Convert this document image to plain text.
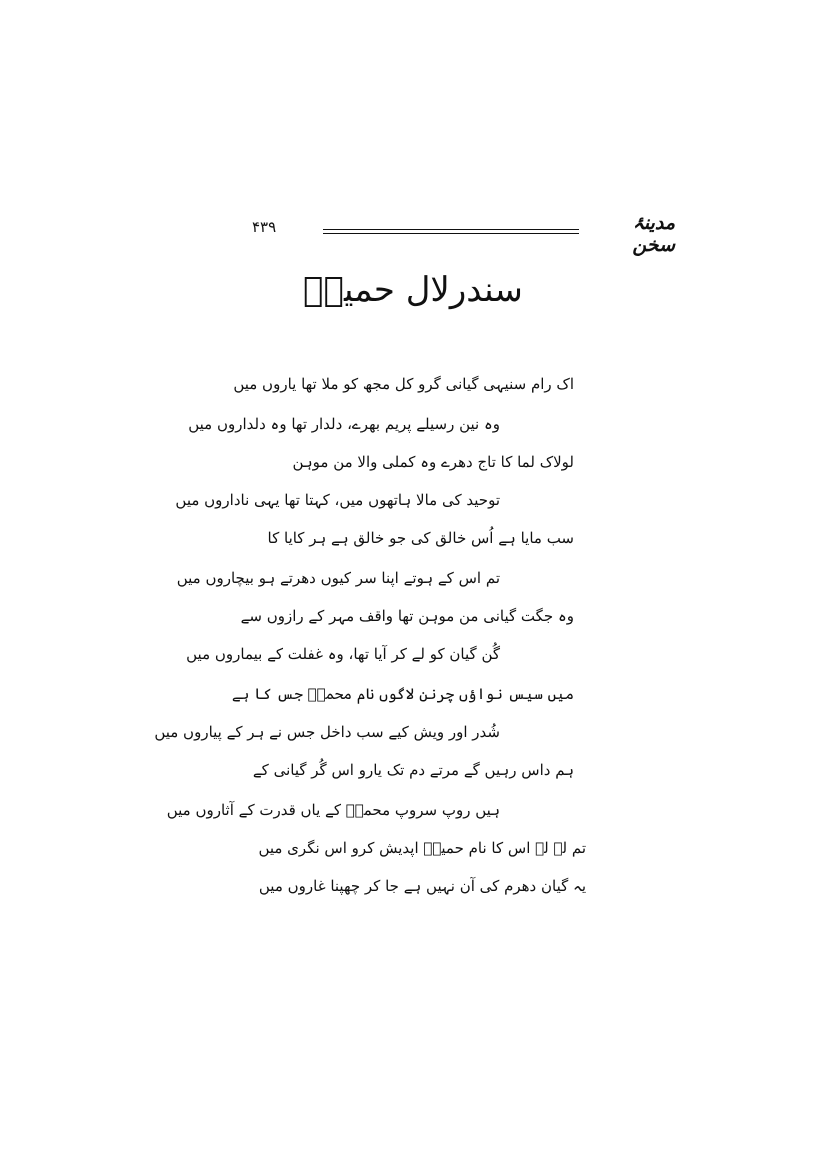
۴۳۹	مدینۂ سخن
سندرلال حمیدؔ
اک رام سنیہی گیانی گرو کل مجھ کو ملا تھا یاروں میں
وہ نین رسیلے پریم بھرے، دلدار تھا وہ دلداروں میں
لولاک لما کا تاج دھرے وہ کملی والا من موہن
توحید کی مالا ہاتھوں میں، کہتا تھا یہی ناداروں میں
سب مایا ہے اُس خالق کی جو خالق ہے ہر کایا کا
تم اس کے ہوتے اپنا سر کیوں دھرتے ہو بیچاروں میں
وہ جگت گیانی من موہن تھا واقف مہر کے رازوں سے
گُن گیان کو لے کر آیا تھا، وہ غفلت کے بیماروں میں
میں سیس نواؤں چرنن لاگوں نام محمدؐ جس کا ہے
شُدر اور ویش کیے سب داخل جس نے ہر کے پیاروں میں
ہم داس رہیں گے مرتے دم تک یارو اس گُر گیانی کے
ہیں روپ سروپ محمدؐ کے یاں قدرت کے آثاروں میں
تم لے لے اس کا نام حمیدؔ اپدیش کرو اس نگری میں
یہ گیان دھرم کی آن نہیں ہے جا کر چھپنا غاروں میں
